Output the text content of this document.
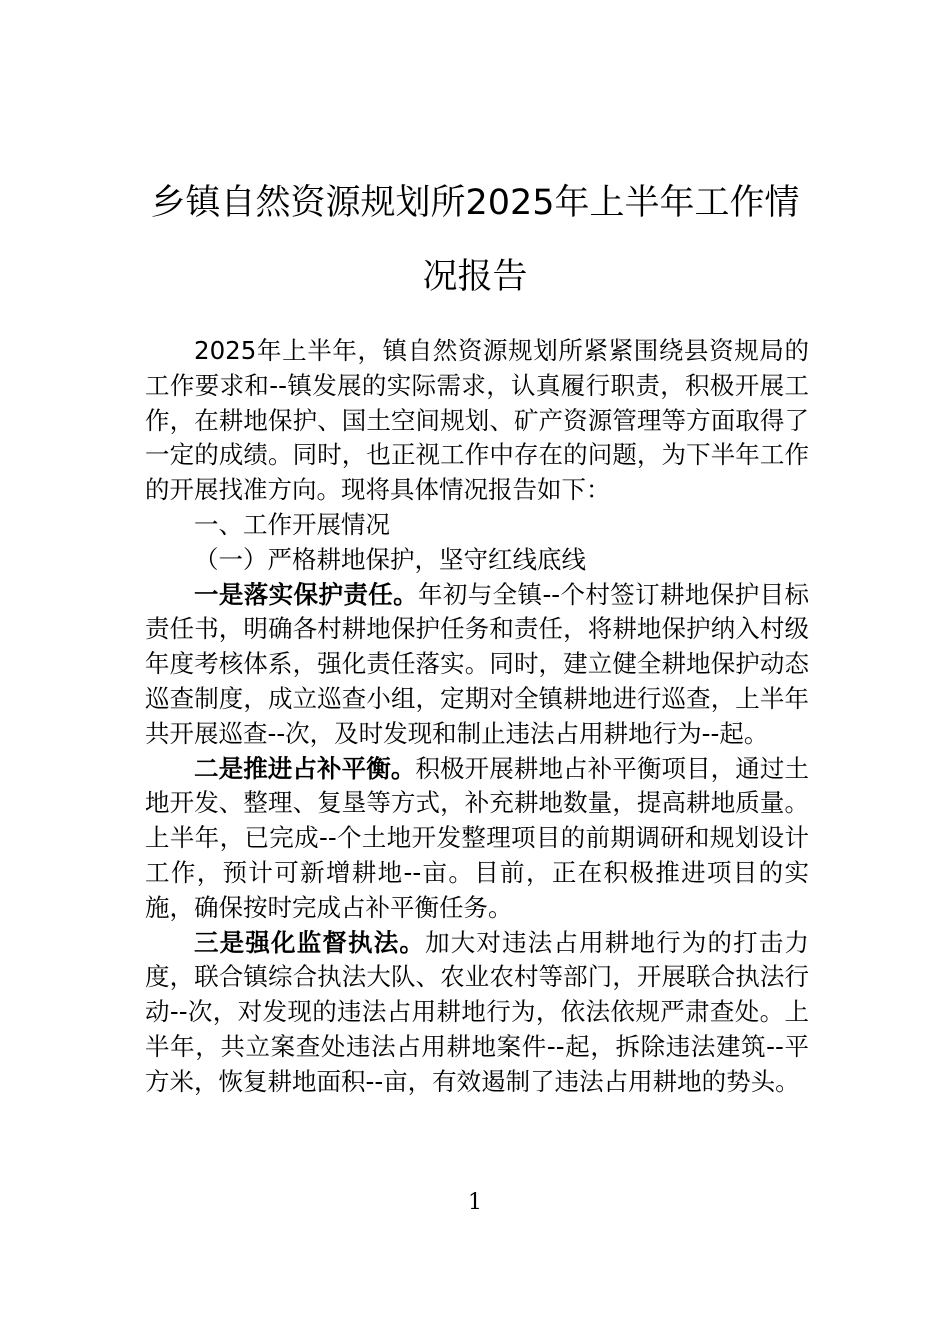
乡镇自然资源规划所2025年上半年工作情况报告

2025年上半年，镇自然资源规划所紧紧围绕县资规局的工作要求和--镇发展的实际需求，认真履行职责，积极开展工作，在耕地保护、国土空间规划、矿产资源管理等方面取得了一定的成绩。同时，也正视工作中存在的问题，为下半年工作的开展找准方向。现将具体情况报告如下：

一、工作开展情况

（一）严格耕地保护，坚守红线底线

一是落实保护责任。年初与全镇--个村签订耕地保护目标责任书，明确各村耕地保护任务和责任，将耕地保护纳入村级年度考核体系，强化责任落实。同时，建立健全耕地保护动态巡查制度，成立巡查小组，定期对全镇耕地进行巡查，上半年共开展巡查--次，及时发现和制止违法占用耕地行为--起。

二是推进占补平衡。积极开展耕地占补平衡项目，通过土地开发、整理、复垦等方式，补充耕地数量，提高耕地质量。上半年，已完成--个土地开发整理项目的前期调研和规划设计工作，预计可新增耕地--亩。目前，正在积极推进项目的实施，确保按时完成占补平衡任务。

三是强化监督执法。加大对违法占用耕地行为的打击力度，联合镇综合执法大队、农业农村等部门，开展联合执法行动--次，对发现的违法占用耕地行为，依法依规严肃查处。上半年，共立案查处违法占用耕地案件--起，拆除违法建筑--平方米，恢复耕地面积--亩，有效遏制了违法占用耕地的势头。

1
